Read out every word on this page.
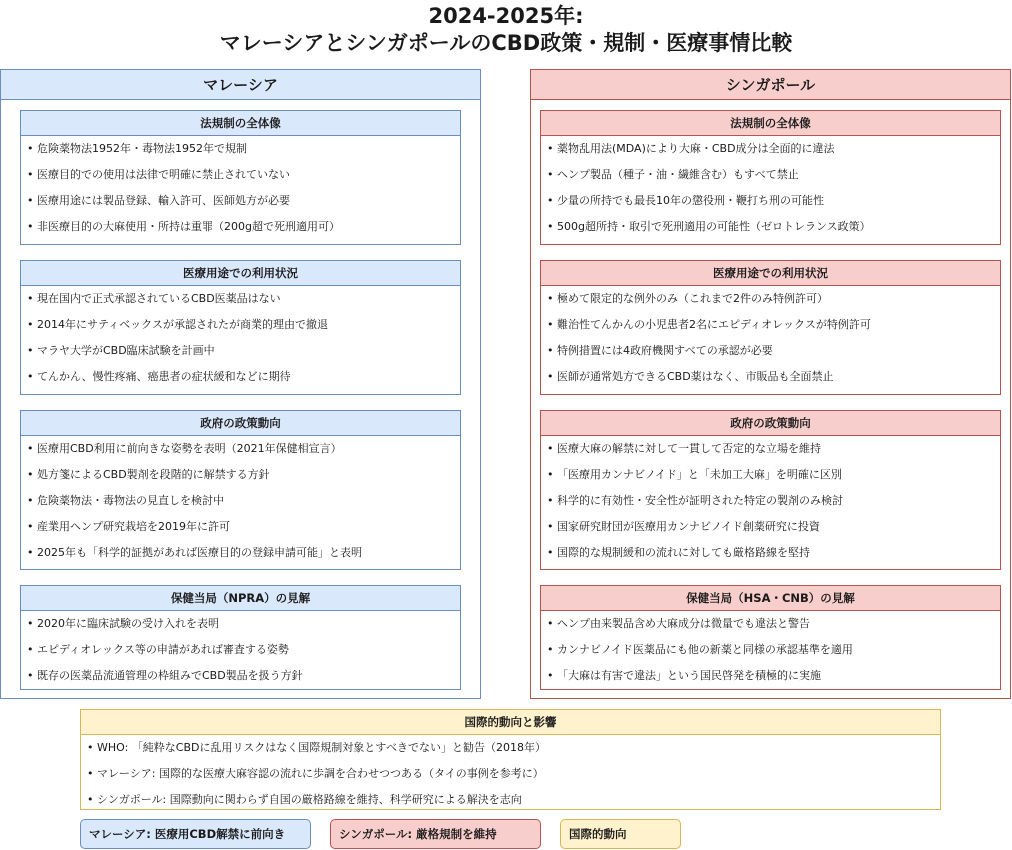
2024-2025年:
マレーシアとシンガポールのCBD政策・規制・医療事情比較
マレーシア
法規制の全体像
• 危険薬物法1952年・毒物法1952年で規制
• 医療目的での使用は法律で明確に禁止されていない
• 医療用途には製品登録、輸入許可、医師処方が必要
• 非医療目的の大麻使用・所持は重罪（200g超で死刑適用可）
医療用途での利用状況
• 現在国内で正式承認されているCBD医薬品はない
• 2014年にサティベックスが承認されたが商業的理由で撤退
• マラヤ大学がCBD臨床試験を計画中
• てんかん、慢性疼痛、癌患者の症状緩和などに期待
政府の政策動向
• 医療用CBD利用に前向きな姿勢を表明（2021年保健相宣言）
• 処方箋によるCBD製剤を段階的に解禁する方針
• 危険薬物法・毒物法の見直しを検討中
• 産業用ヘンプ研究栽培を2019年に許可
• 2025年も「科学的証拠があれば医療目的の登録申請可能」と表明
保健当局（NPRA）の見解
• 2020年に臨床試験の受け入れを表明
• エピディオレックス等の申請があれば審査する姿勢
• 既存の医薬品流通管理の枠組みでCBD製品を扱う方針
シンガポール
法規制の全体像
• 薬物乱用法(MDA)により大麻・CBD成分は全面的に違法
• ヘンプ製品（種子・油・繊維含む）もすべて禁止
• 少量の所持でも最長10年の懲役刑・鞭打ち刑の可能性
• 500g超所持・取引で死刑適用の可能性（ゼロトレランス政策）
医療用途での利用状況
• 極めて限定的な例外のみ（これまで2件のみ特例許可）
• 難治性てんかんの小児患者2名にエピディオレックスが特例許可
• 特例措置には4政府機関すべての承認が必要
• 医師が通常処方できるCBD薬はなく、市販品も全面禁止
政府の政策動向
• 医療大麻の解禁に対して一貫して否定的な立場を維持
• 「医療用カンナビノイド」と「未加工大麻」を明確に区別
• 科学的に有効性・安全性が証明された特定の製剤のみ検討
• 国家研究財団が医療用カンナビノイド創薬研究に投資
• 国際的な規制緩和の流れに対しても厳格路線を堅持
保健当局（HSA・CNB）の見解
• ヘンプ由来製品含め大麻成分は微量でも違法と警告
• カンナビノイド医薬品にも他の新薬と同様の承認基準を適用
• 「大麻は有害で違法」という国民啓発を積極的に実施
国際的動向と影響
• WHO: 「純粋なCBDに乱用リスクはなく国際規制対象とすべきでない」と勧告（2018年）
• マレーシア: 国際的な医療大麻容認の流れに歩調を合わせつつある（タイの事例を参考に）
• シンガポール: 国際動向に関わらず自国の厳格路線を維持、科学研究による解決を志向
マレーシア: 医療用CBD解禁に前向き	シンガポール: 厳格規制を維持	国際的動向
